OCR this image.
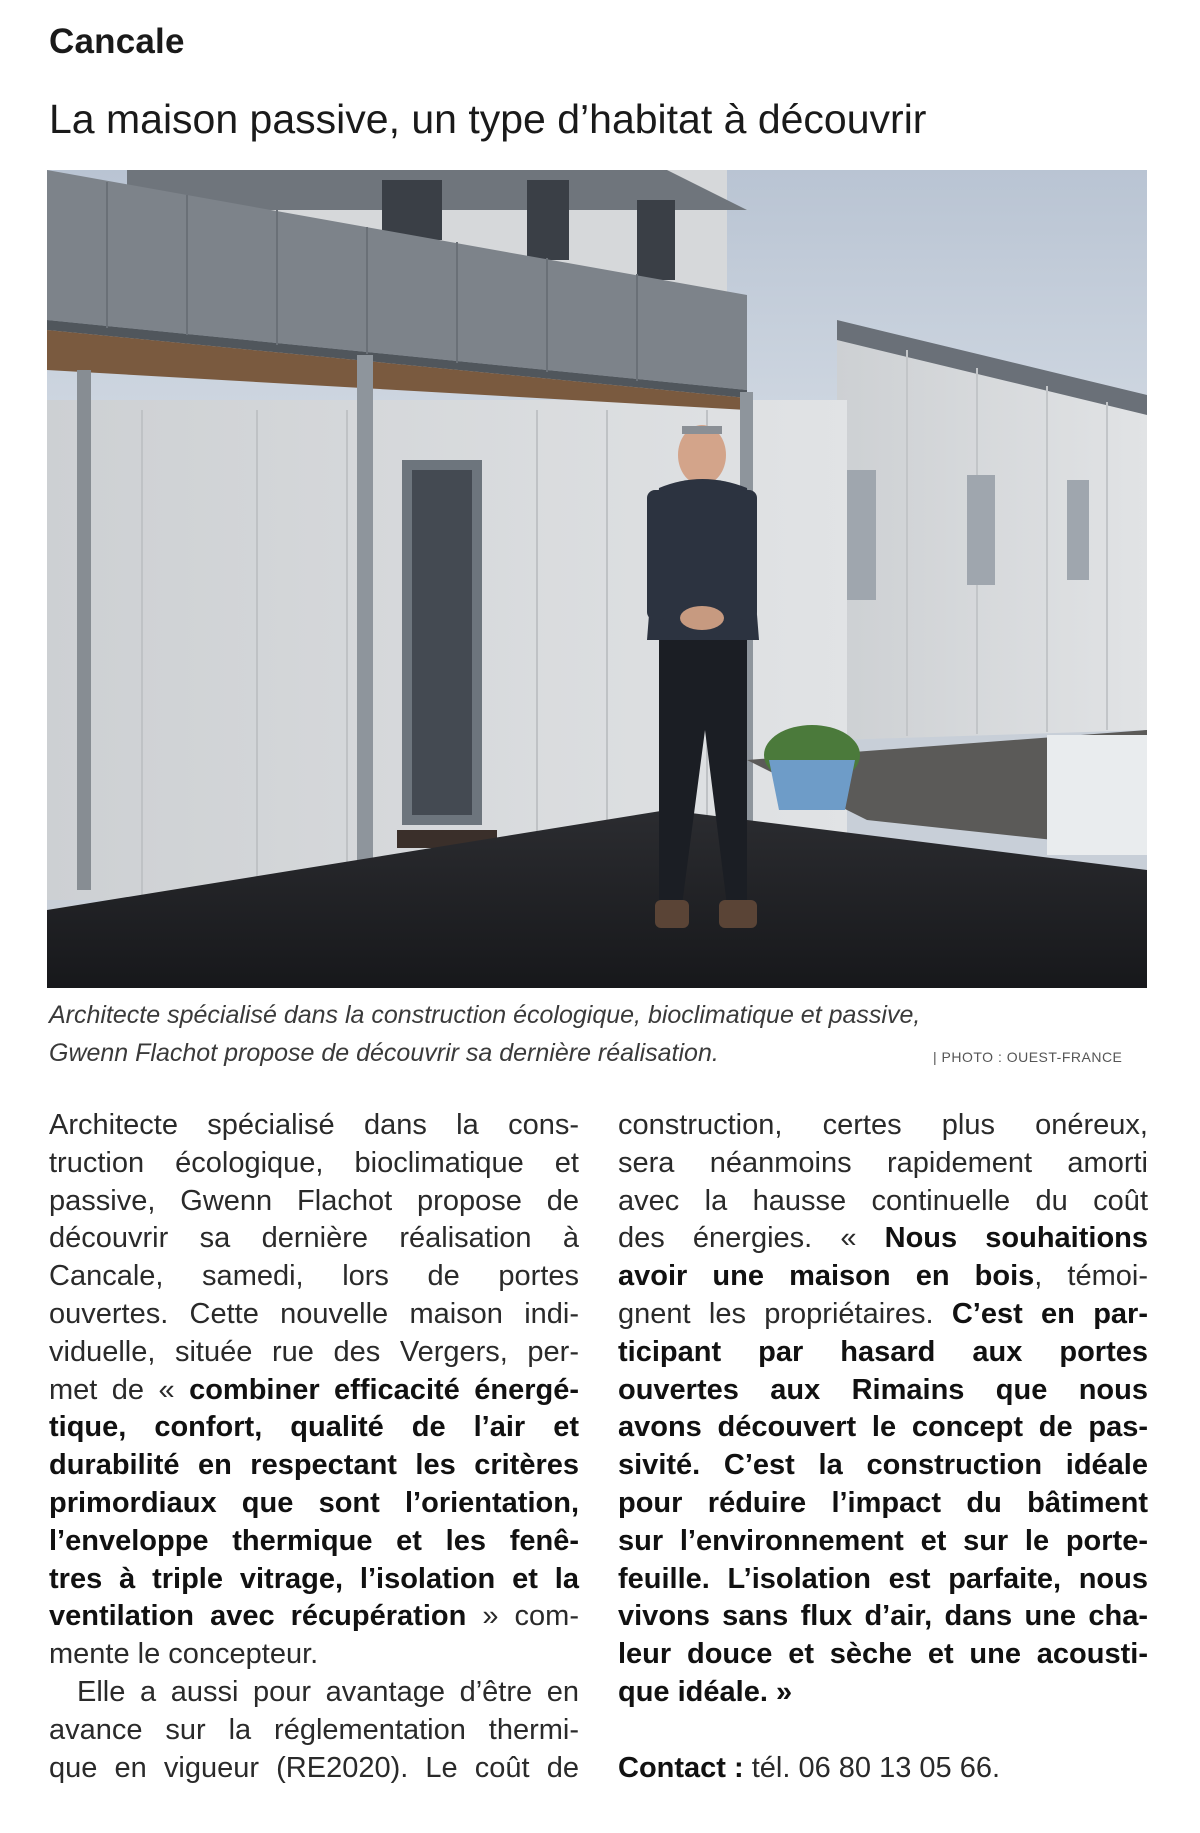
Cancale
La maison passive, un type d’habitat à découvrir
Architecte spécialisé dans la construction écologique, bioclimatique et passive,
Gwenn Flachot propose de découvrir sa dernière réalisation.	| PHOTO : OUEST-FRANCE
Architecte spécialisé dans la cons-
truction écologique, bioclimatique et
passive, Gwenn Flachot propose de
découvrir sa dernière réalisation à
Cancale, samedi, lors de portes
ouvertes. Cette nouvelle maison indi-
viduelle, située rue des Vergers, per-
met de « combiner efficacité énergé-
tique, confort, qualité de l’air et
durabilité en respectant les critères
primordiaux que sont l’orientation,
l’enveloppe thermique et les fenê-
tres à triple vitrage, l’isolation et la
ventilation avec récupération » com-
mente le concepteur.
Elle a aussi pour avantage d’être en
avance sur la réglementation thermi-
que en vigueur (RE2020). Le coût de
construction, certes plus onéreux,
sera néanmoins rapidement amorti
avec la hausse continuelle du coût
des énergies. « Nous souhaitions
avoir une maison en bois, témoi-
gnent les propriétaires. C’est en par-
ticipant par hasard aux portes
ouvertes aux Rimains que nous
avons découvert le concept de pas-
sivité. C’est la construction idéale
pour réduire l’impact du bâtiment
sur l’environnement et sur le porte-
feuille. L’isolation est parfaite, nous
vivons sans flux d’air, dans une cha-
leur douce et sèche et une acousti-
que idéale. »
Contact : tél. 06 80 13 05 66.
